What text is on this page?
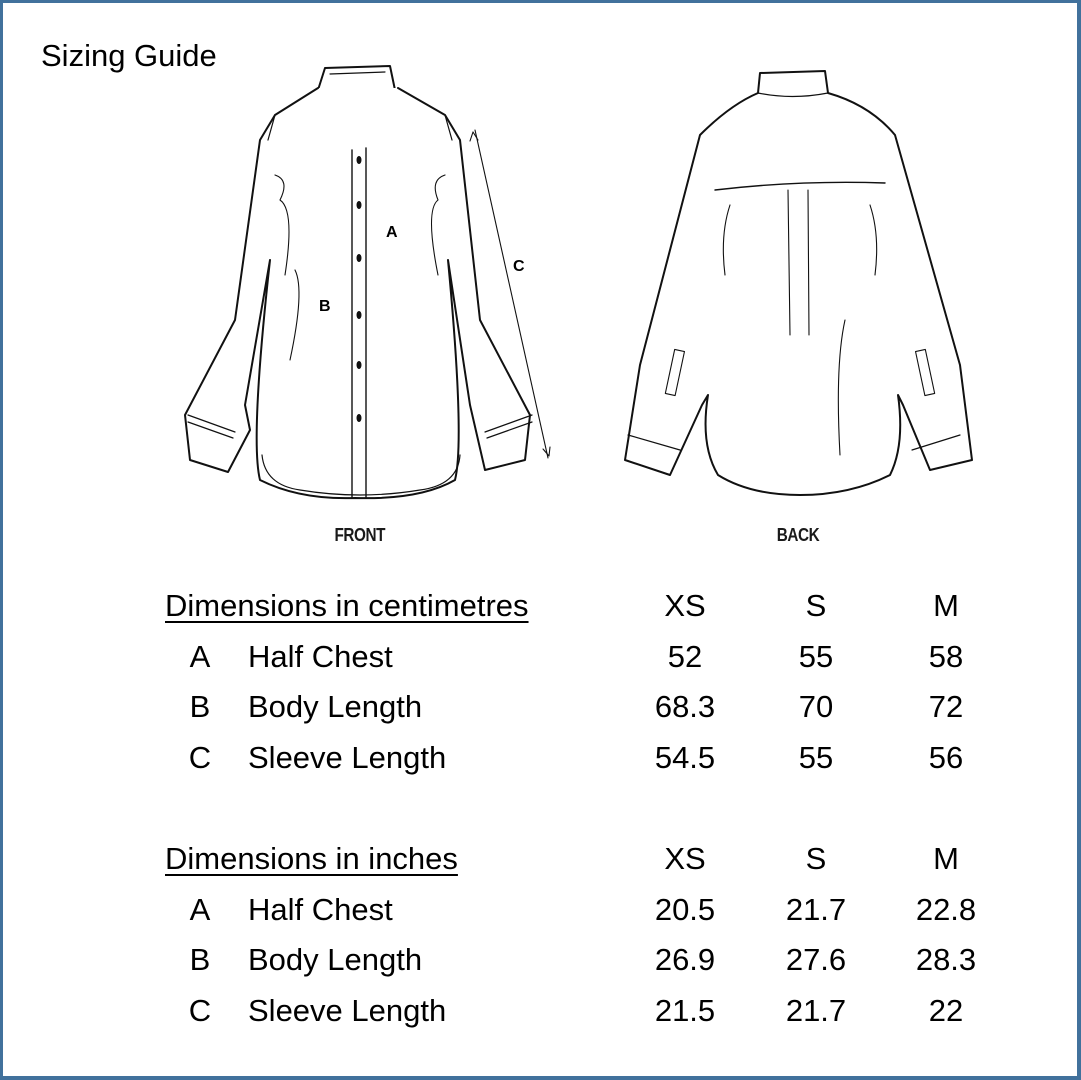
Sizing Guide
A
B
C
FRONT	BACK
Dimensions in centimetres	XS	S	M
A	Half Chest	52	55	58
B	Body Length	68.3	70	72
C	Sleeve Length	54.5	55	56
Dimensions in inches	XS	S	M
A	Half Chest	20.5	21.7	22.8
B	Body Length	26.9	27.6	28.3
C	Sleeve Length	21.5	21.7	22
